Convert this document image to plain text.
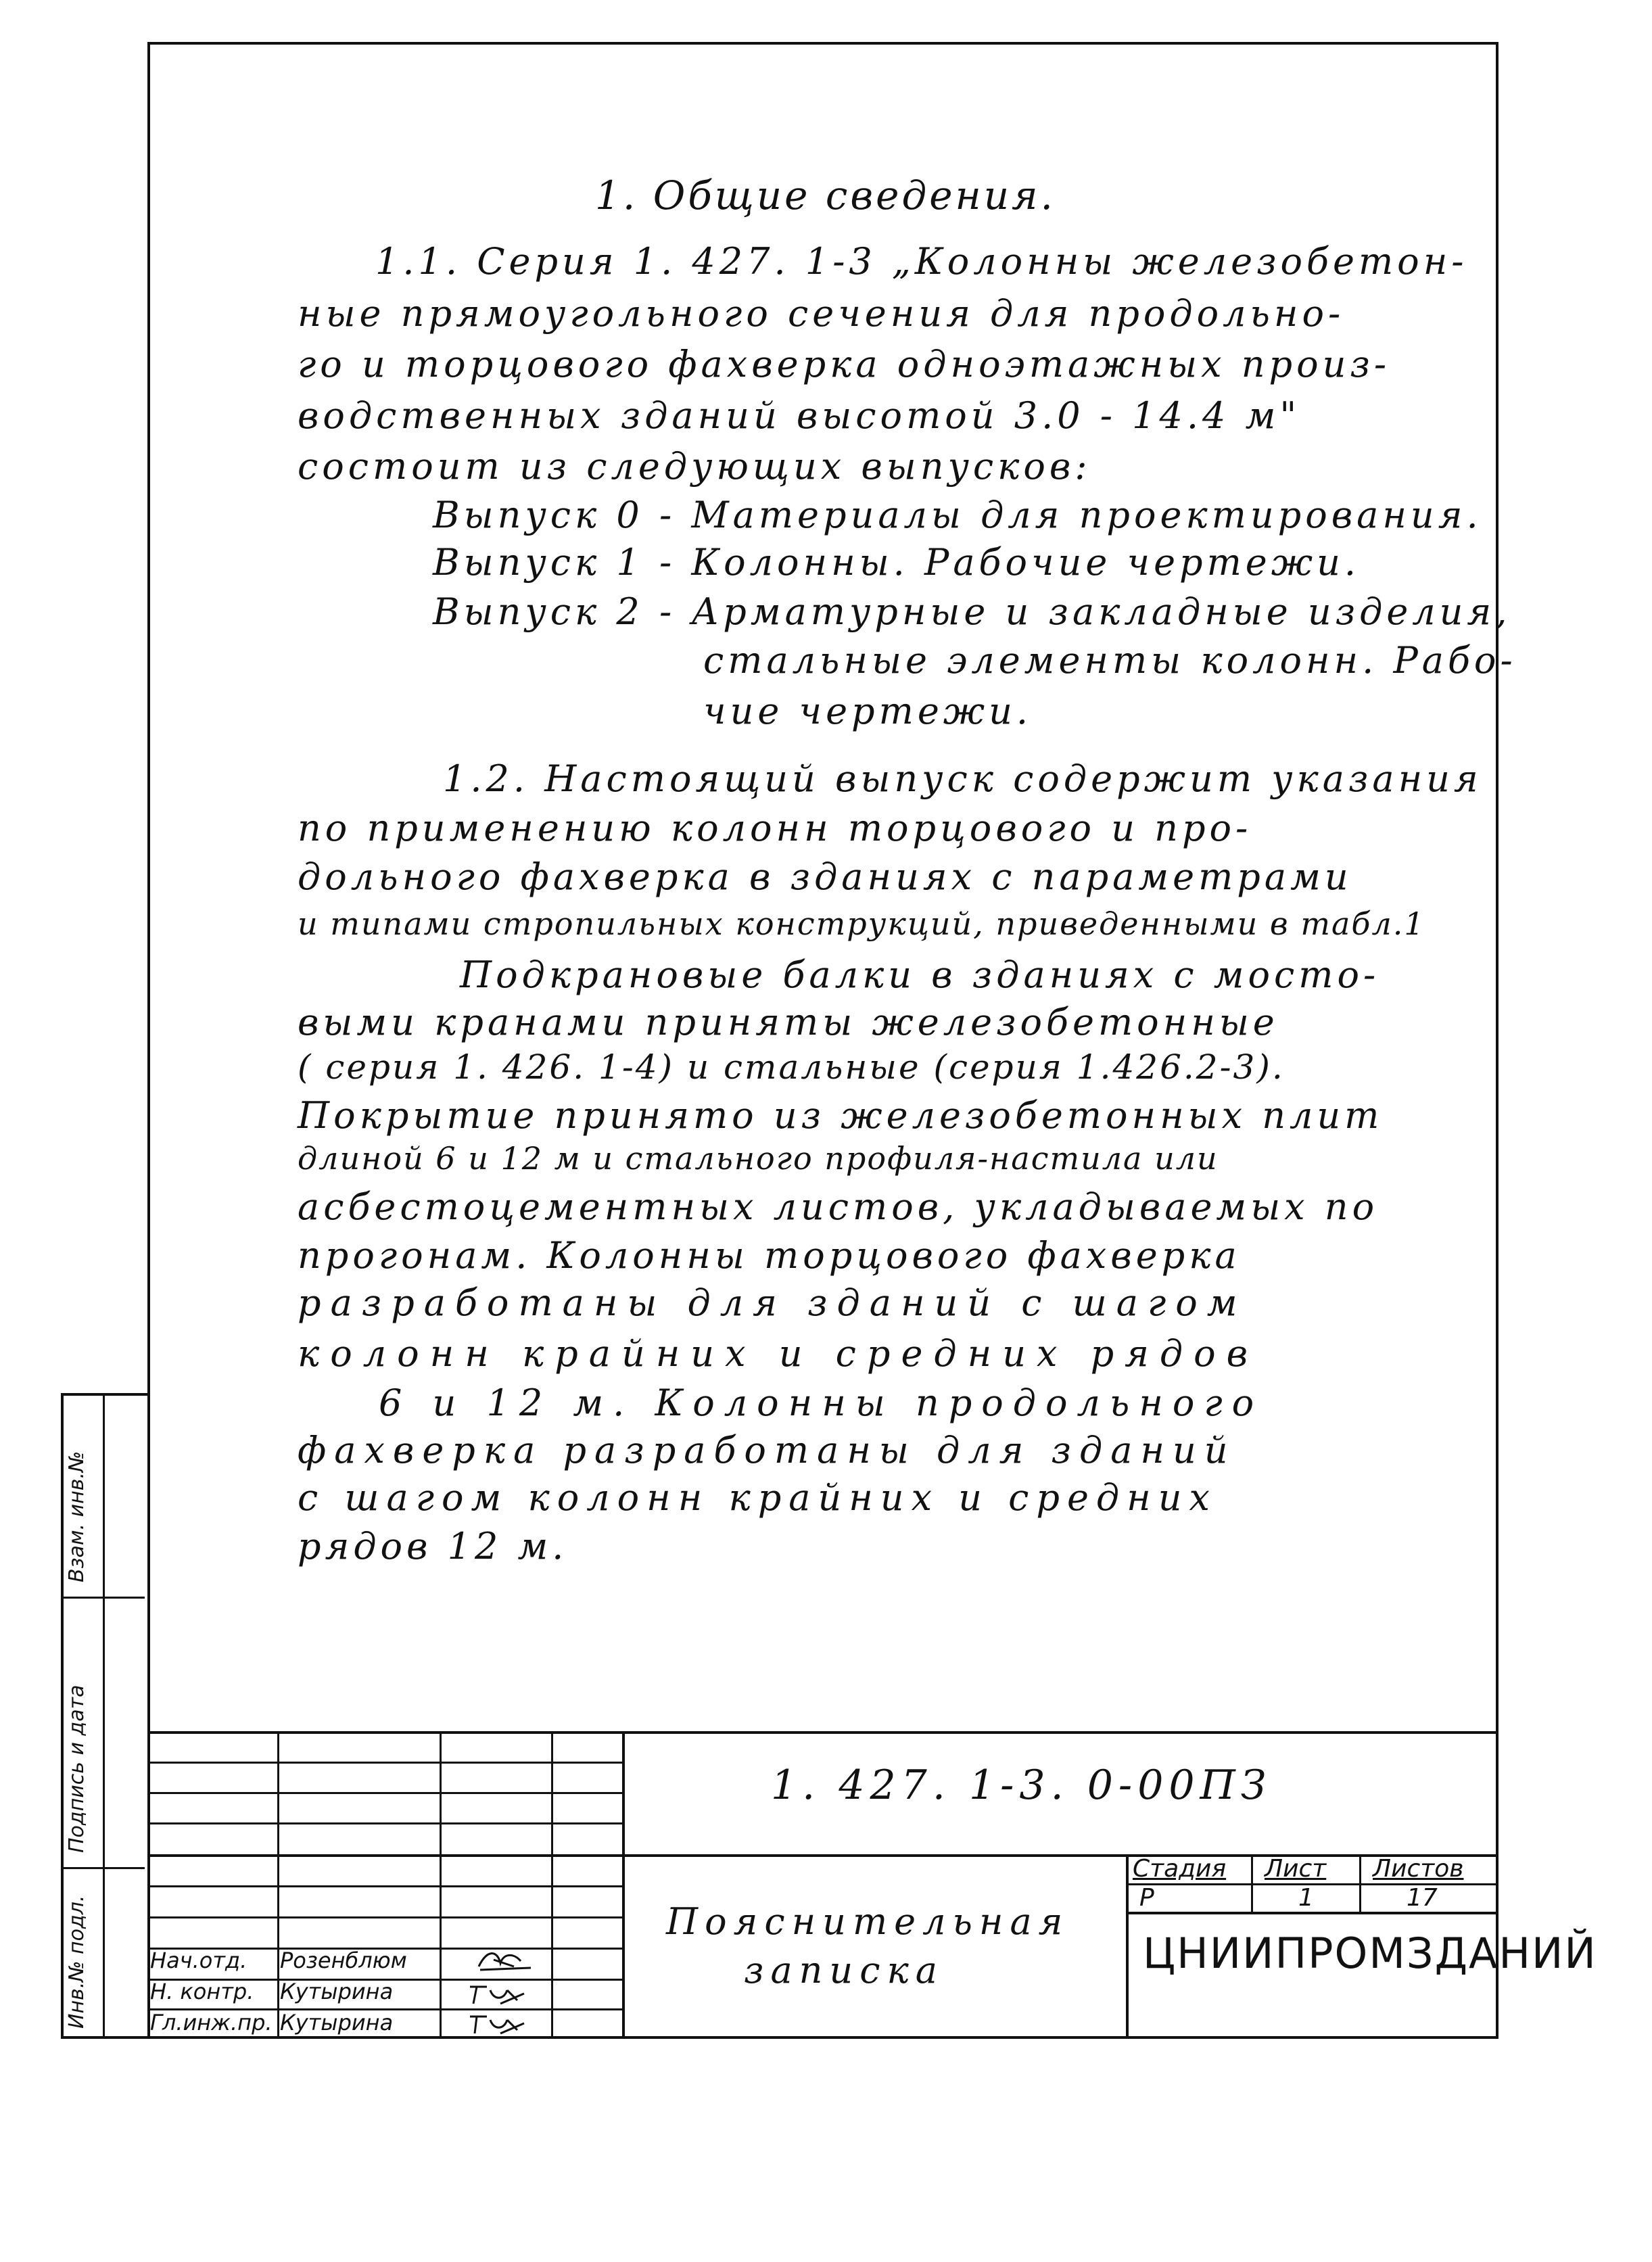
1. Общие сведения.

1.1. Серия 1. 427. 1-3 „Колонны железобетон-

ные прямоугольного сечения для продольно-

го и торцового фахверка одноэтажных произ-

водственных зданий высотой 3.0 - 14.4 м"

состоит из следующих выпусков:

Выпуск 0 - Материалы для проектирования.

Выпуск 1 - Колонны. Рабочие чертежи.

Выпуск 2 - Арматурные и закладные изделия,

стальные элементы колонн. Рабо-

чие чертежи.

1.2. Настоящий выпуск содержит указания

по применению колонн торцового и про-

дольного фахверка в зданиях с параметрами

и типами стропильных конструкций, приведенными в табл.1

Подкрановые балки в зданиях с мосто-

выми кранами приняты железобетонные

( серия 1. 426. 1-4) и стальные (серия 1.426.2-3).

Покрытие принято из железобетонных плит

длиной 6 и 12 м и стального профиля-настила или

асбестоцементных листов, укладываемых по

прогонам. Колонны торцового фахверка

разработаны для зданий с шагом

колонн крайних и средних рядов

6 и 12 м. Колонны продольного

фахверка разработаны для зданий

с шагом колонн крайних и средних

рядов 12 м.

Взам. инв.№
Подпись и дата
Инв.№ подл.	Нач.отд. Розенблюм
Н. контр. Кутырина
Гл.инж.пр. Кутырина
1. 427. 1-3. 0-00ПЗ
Стадия Лист Листов
Р	1	17
Пояснительная
записка	ЦНИИПРОМЗДАНИЙ
